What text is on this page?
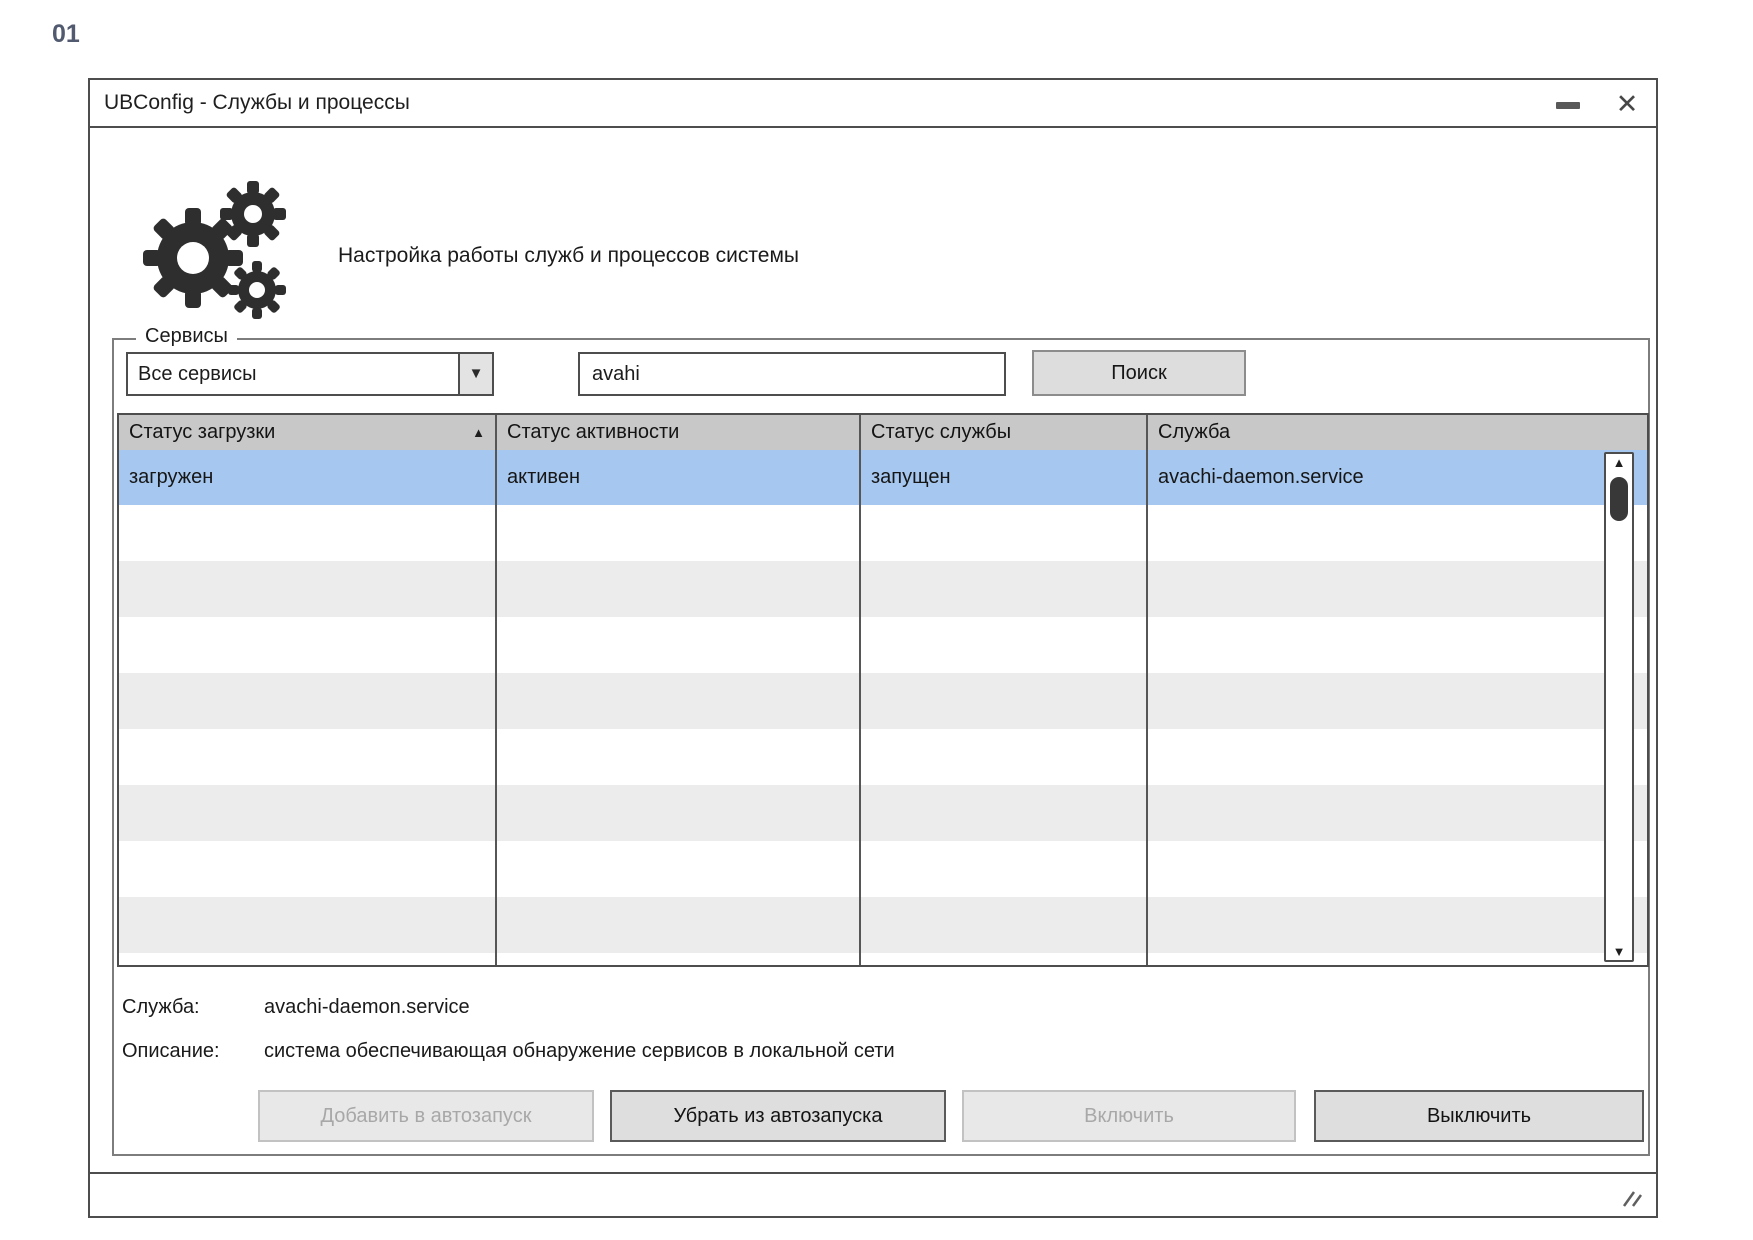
01
UBConfig - Службы и процессы	✕
Настройка работы служб и процессов системы
Сервисы
Все сервисы	▼
avahi	Поиск
Статус загрузки	▲	Статус активности	Статус службы	Служба
загружен	активен	запущен	avachi-daemon.service
▲
▼
Служба:	avachi-daemon.service
Описание: система обеспечивающая обнаружение сервисов в локальной сети
Добавить в автозапуск	Убрать из автозапуска	Включить	Выключить
